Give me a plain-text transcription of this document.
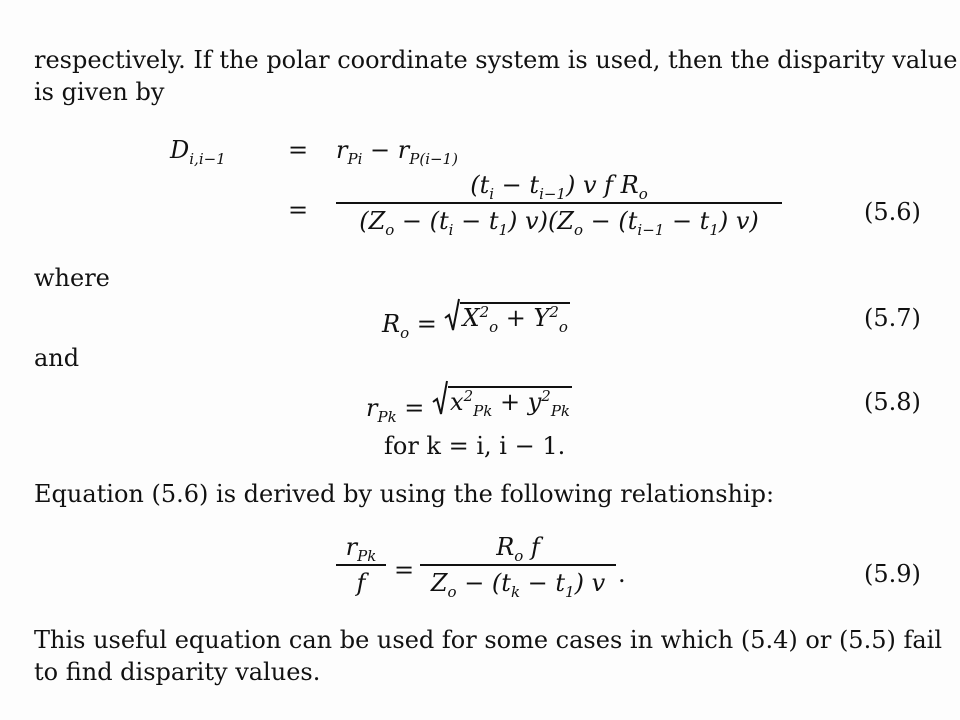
respectively. If the polar coordinate system is used, then the disparity value
is given by
$D_{i,i-1}$	= $r_{Pi} - r_{P(i-1)}$
=
$(t_i - t_{i-1})$ v f $R_o$
$(Z_o - (t_i - t_1) v)(Z_o - (t_{i-1} - t_1)$ v)	(5.6)
where
$R_o = X^2_o + Y^2_o$	(5.7)
and
$r_{Pk} = x^2_{Pk} + y^2_{Pk}$	(5.8)
for k = i, i − 1.
Equation (5.6) is derived by using the following relationship:
$r_{Pk}$
f =
$R_o$ f
$Z_o - (t_k - t_1)$ v .	(5.9)
This useful equation can be used for some cases in which (5.4) or (5.5) fail
to find disparity values.
